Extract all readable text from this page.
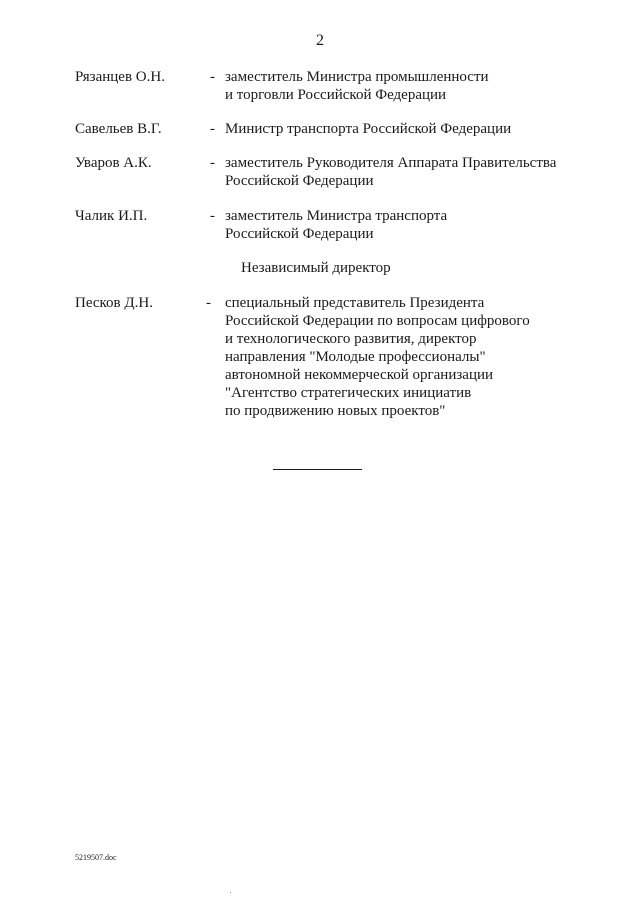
2
Рязанцев О.Н.	- заместитель Министра промышленности
и торговли Российской Федерации
Савельев В.Г.	- Министр транспорта Российской Федерации
Уваров А.К.	- заместитель Руководителя Аппарата Правительства
Российской Федерации
Чалик И.П.	- заместитель Министра транспорта
Российской Федерации
Независимый директор
Песков Д.Н.	- специальный представитель Президента
Российской Федерации по вопросам цифрового
и технологического развития, директор
направления "Молодые профессионалы"
автономной некоммерческой организации
"Агентство стратегических инициатив
по продвижению новых проектов"
5219507.doc
